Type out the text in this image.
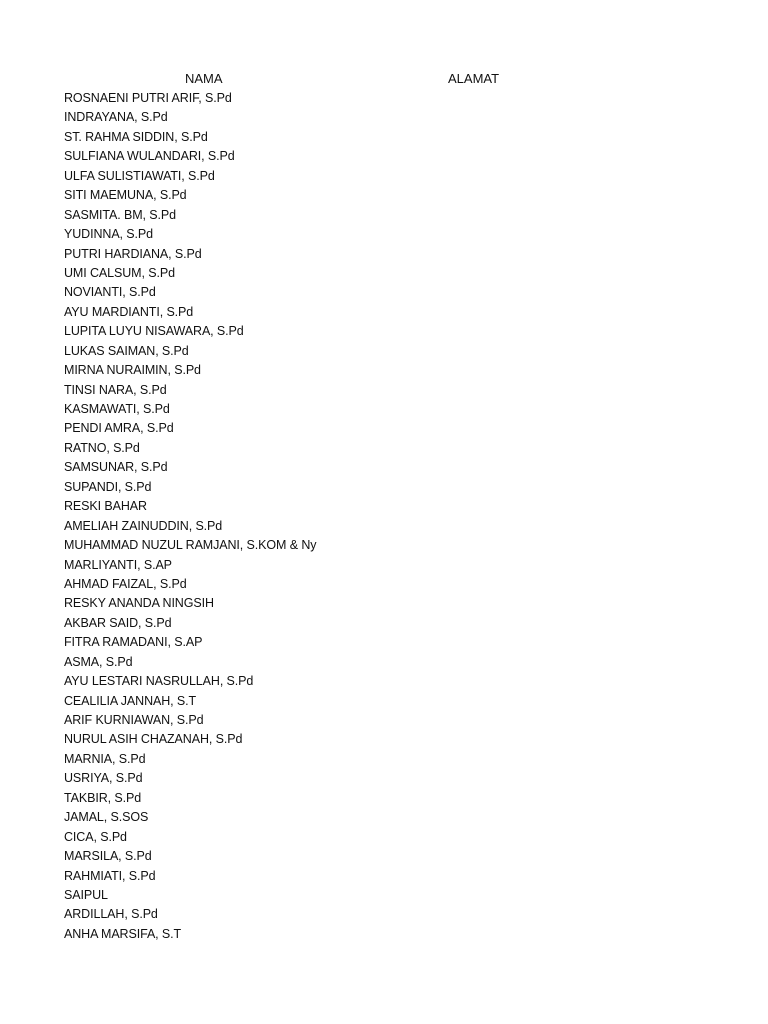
NAMA	ALAMAT
ROSNAENI PUTRI ARIF, S.Pd
INDRAYANA, S.Pd
ST. RAHMA SIDDIN, S.Pd
SULFIANA WULANDARI, S.Pd
ULFA SULISTIAWATI, S.Pd
SITI MAEMUNA, S.Pd
SASMITA. BM, S.Pd
YUDINNA, S.Pd
PUTRI HARDIANA, S.Pd
UMI CALSUM, S.Pd
NOVIANTI, S.Pd
AYU MARDIANTI, S.Pd
LUPITA LUYU NISAWARA, S.Pd
LUKAS SAIMAN, S.Pd
MIRNA NURAIMIN, S.Pd
TINSI NARA, S.Pd
KASMAWATI, S.Pd
PENDI AMRA, S.Pd
RATNO, S.Pd
SAMSUNAR, S.Pd
SUPANDI, S.Pd
RESKI BAHAR
AMELIAH ZAINUDDIN, S.Pd
MUHAMMAD NUZUL RAMJANI, S.KOM & Ny
MARLIYANTI, S.AP
AHMAD FAIZAL, S.Pd
RESKY ANANDA NINGSIH
AKBAR SAID, S.Pd
FITRA RAMADANI, S.AP
ASMA, S.Pd
AYU LESTARI NASRULLAH, S.Pd
CEALILIA JANNAH, S.T
ARIF KURNIAWAN, S.Pd
NURUL ASIH CHAZANAH, S.Pd
MARNIA, S.Pd
USRIYA, S.Pd
TAKBIR, S.Pd
JAMAL, S.SOS
CICA, S.Pd
MARSILA, S.Pd
RAHMIATI, S.Pd
SAIPUL
ARDILLAH, S.Pd
ANHA MARSIFA, S.T
